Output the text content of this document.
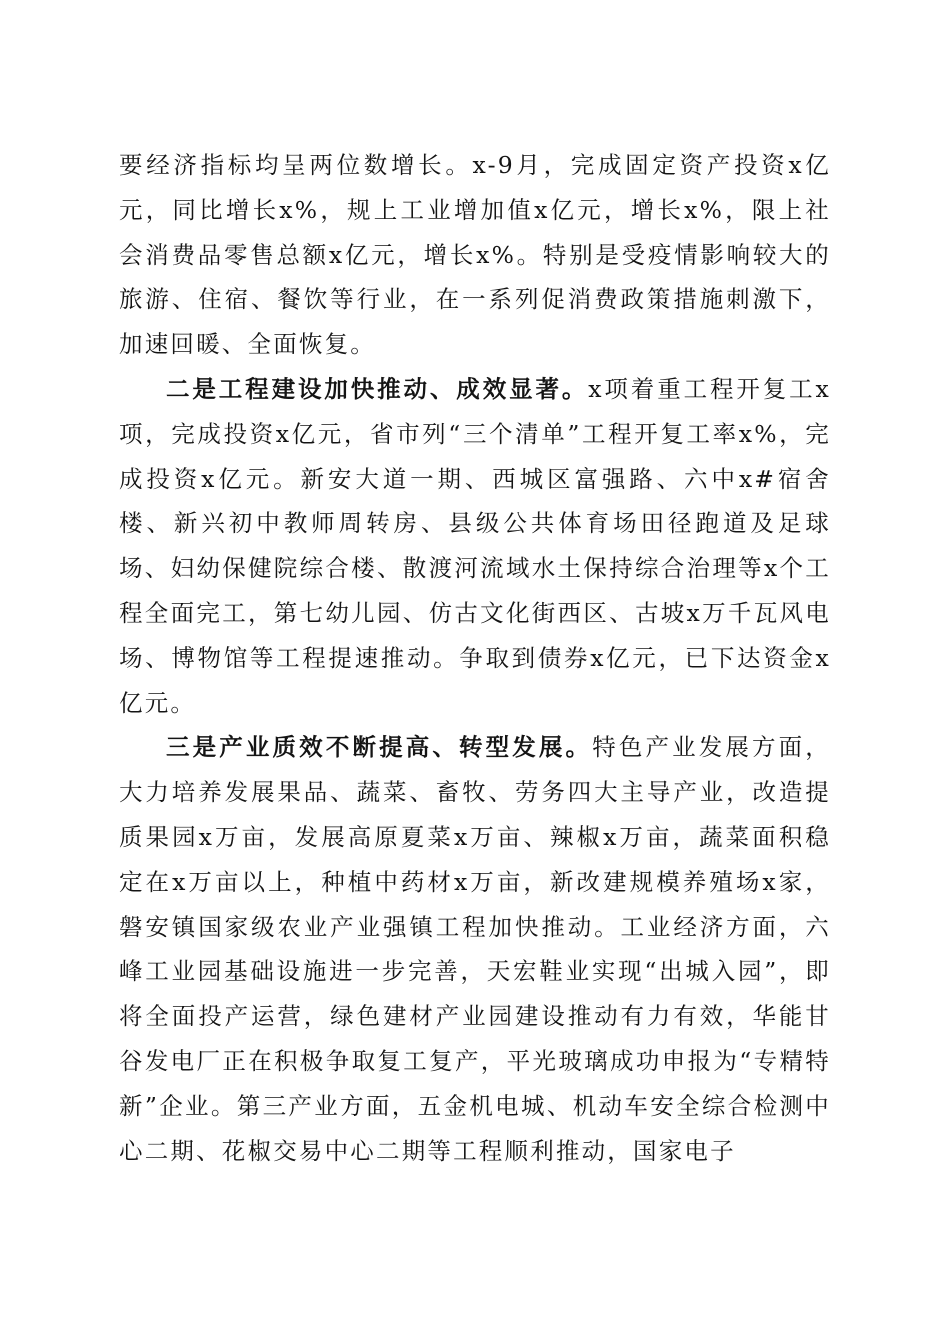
要经济指标均呈两位数增长。x-9月，完成固定资产投资x亿元，同比增长x%，规上工业增加值x亿元，增长x%，限上社会消费品零售总额x亿元，增长x%。特别是受疫情影响较大的旅游、住宿、餐饮等行业，在一系列促消费政策措施刺激下，加速回暖、全面恢复。

二是工程建设加快推动、成效显著。x项着重工程开复工x项，完成投资x亿元，省市列“三个清单”工程开复工率x%，完成投资x亿元。新安大道一期、西城区富强路、六中x#宿舍楼、新兴初中教师周转房、县级公共体育场田径跑道及足球场、妇幼保健院综合楼、散渡河流域水土保持综合治理等x个工程全面完工，第七幼儿园、仿古文化街西区、古坡x万千瓦风电场、博物馆等工程提速推动。争取到债券x亿元，已下达资金x亿元。

三是产业质效不断提高、转型发展。特色产业发展方面，大力培养发展果品、蔬菜、畜牧、劳务四大主导产业，改造提质果园x万亩，发展高原夏菜x万亩、辣椒x万亩，蔬菜面积稳定在x万亩以上，种植中药材x万亩，新改建规模养殖场x家，磐安镇国家级农业产业强镇工程加快推动。工业经济方面，六峰工业园基础设施进一步完善，天宏鞋业实现“出城入园”，即将全面投产运营，绿色建材产业园建设推动有力有效，华能甘谷发电厂正在积极争取复工复产，平光玻璃成功申报为“专精特新”企业。第三产业方面，五金机电城、机动车安全综合检测中心二期、花椒交易中心二期等工程顺利推动，国家电子
